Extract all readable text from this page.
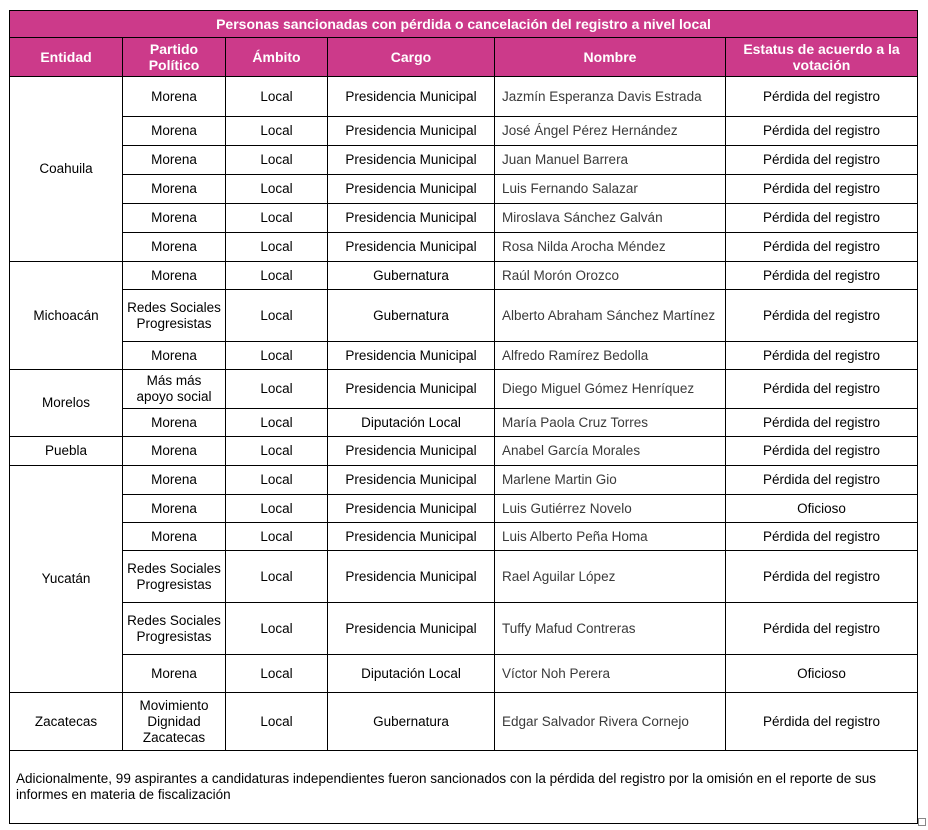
Personas sancionadas con pérdida o cancelación del registro a nivel local					
Entidad	Partido Político	Ámbito	Cargo	Nombre	Estatus de acuerdo a la votación
Coahuila	Morena	Local	Presidencia Municipal	Jazmín Esperanza Davis Estrada	Pérdida del registro
	Morena	Local	Presidencia Municipal	José Ángel Pérez Hernández	Pérdida del registro
	Morena	Local	Presidencia Municipal	Juan Manuel Barrera	Pérdida del registro
	Morena	Local	Presidencia Municipal	Luis Fernando Salazar	Pérdida del registro
	Morena	Local	Presidencia Municipal	Miroslava Sánchez Galván	Pérdida del registro
	Morena	Local	Presidencia Municipal	Rosa Nilda Arocha Méndez	Pérdida del registro
Michoacán	Morena	Local	Gubernatura	Raúl Morón Orozco	Pérdida del registro
	Redes Sociales Progresistas	Local	Gubernatura	Alberto Abraham Sánchez Martínez	Pérdida del registro
	Morena	Local	Presidencia Municipal	Alfredo Ramírez Bedolla	Pérdida del registro
Morelos	Más más apoyo social	Local	Presidencia Municipal	Diego Miguel Gómez Henríquez	Pérdida del registro
	Morena	Local	Diputación Local	María Paola Cruz Torres	Pérdida del registro
Puebla	Morena	Local	Presidencia Municipal	Anabel García Morales	Pérdida del registro
Yucatán	Morena	Local	Presidencia Municipal	Marlene Martin Gio	Pérdida del registro
	Morena	Local	Presidencia Municipal	Luis Gutiérrez Novelo	Oficioso
	Morena	Local	Presidencia Municipal	Luis Alberto Peña Homa	Pérdida del registro
	Redes Sociales Progresistas	Local	Presidencia Municipal	Rael Aguilar López	Pérdida del registro
	Redes Sociales Progresistas	Local	Presidencia Municipal	Tuffy Mafud Contreras	Pérdida del registro
	Morena	Local	Diputación Local	Víctor Noh Perera	Oficioso
Zacatecas	Movimiento Dignidad Zacatecas	Local	Gubernatura	Edgar Salvador Rivera Cornejo	Pérdida del registro
Adicionalmente, 99 aspirantes a candidaturas independientes fueron sancionados con la pérdida del registro por la omisión en el reporte de sus informes en materia de fiscalización					
